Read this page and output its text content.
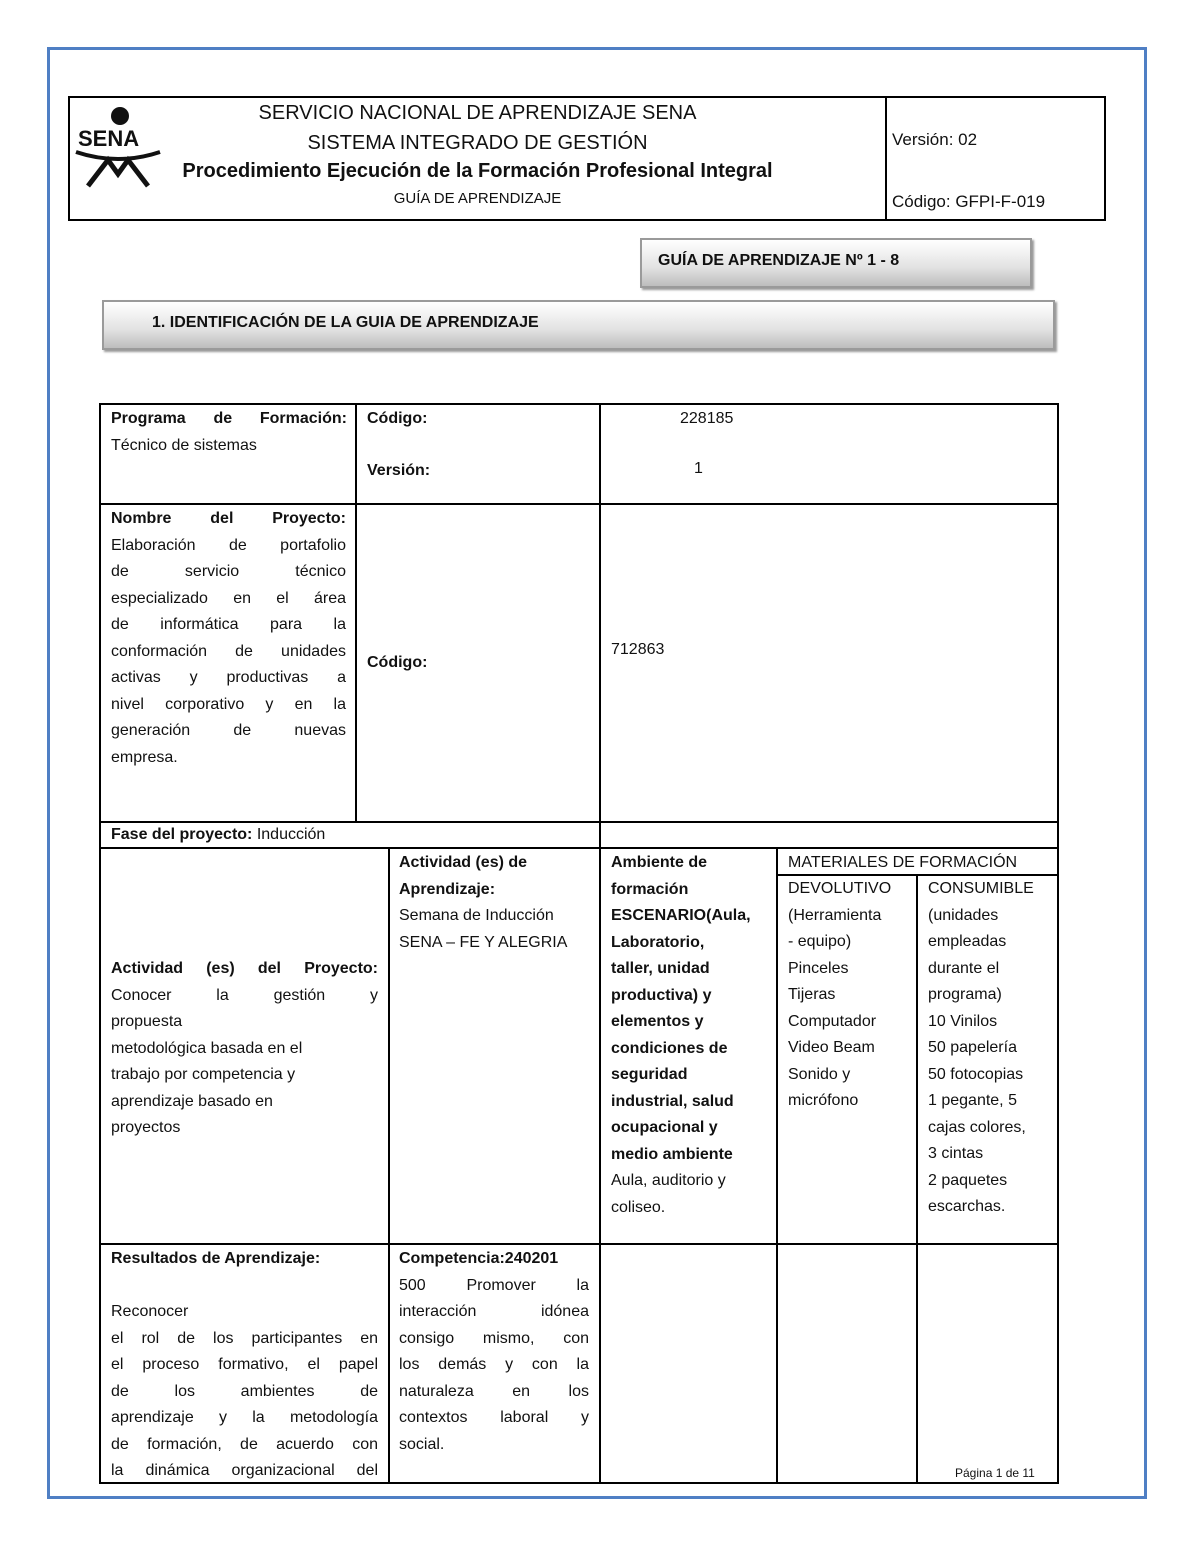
SENA
SERVICIO NACIONAL DE APRENDIZAJE SENA
SISTEMA INTEGRADO DE GESTIÓN
Procedimiento Ejecución de la Formación Profesional Integral
GUÍA DE APRENDIZAJE
Versión: 02
Código: GFPI-F-019
GUÍA DE APRENDIZAJE Nº 1 - 8
1. IDENTIFICACIÓN DE LA GUIA DE APRENDIZAJE
Programa de Formación:
Técnico de sistemas
Código:
Versión:
228185
1
Nombre del Proyecto:
Elaboración de portafolio
de servicio técnico
especializado en el área
de informática para la
conformación de unidades
activas y productivas a
nivel corporativo y en la
generación de nuevas
empresa.
Código:
712863
Fase del proyecto: Inducción
Actividad (es) del Proyecto:
Conocer la gestión y
propuesta
metodológica basada en el
trabajo por competencia y
aprendizaje basado en
proyectos
Actividad (es) de
Aprendizaje:
Semana de Inducción
SENA – FE Y ALEGRIA
Ambiente de
formación
ESCENARIO(Aula,
Laboratorio,
taller, unidad
productiva) y
elementos y
condiciones de
seguridad
industrial, salud
ocupacional y
medio ambiente
Aula, auditorio y
coliseo.
MATERIALES DE FORMACIÓN
DEVOLUTIVO
(Herramienta
- equipo)
Pinceles
Tijeras
Computador
Video Beam
Sonido y
micrófono
CONSUMIBLE
(unidades
empleadas
durante el
programa)
10 Vinilos
50 papelería
50 fotocopias
1 pegante, 5
cajas colores,
3 cintas
2 paquetes
escarchas.
Resultados de Aprendizaje:
Reconocer
el rol de los participantes en
el proceso formativo, el papel
de los ambientes de
aprendizaje y la metodología
de formación, de acuerdo con
la dinámica organizacional del
Competencia:240201
500 Promover la
interacción idónea
consigo mismo, con
los demás y con la
naturaleza en los
contextos laboral y
social.
Página 1 de 11
